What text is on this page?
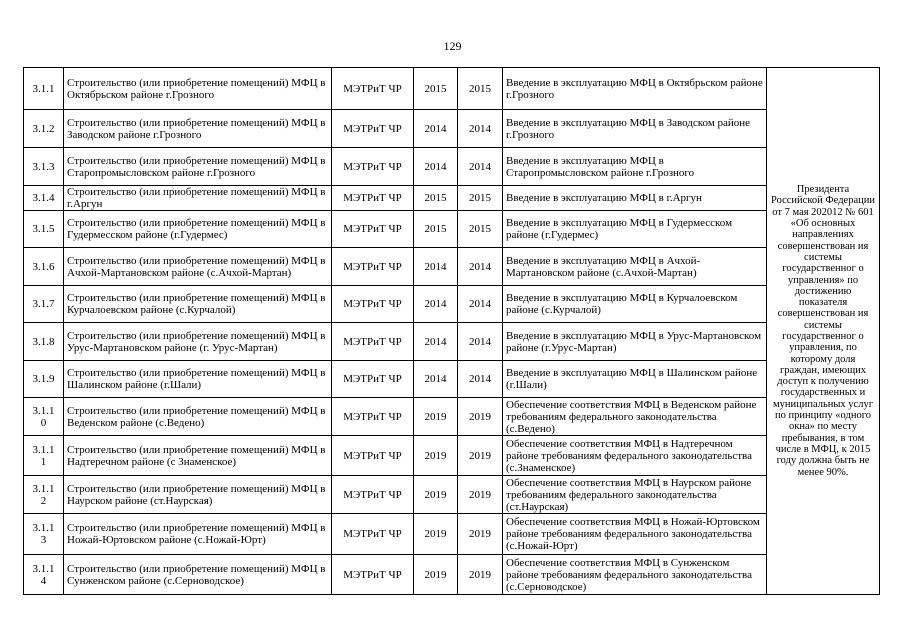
129
3.1.1	Строительство (или приобретение помещений) МФЦ в Октябрьском районе г.Грозного	МЭТРиТ ЧР	2015	2015	Введение в эксплуатацию МФЦ в Октябрьском районе г.Грозного	Президента Российской Федерации от 7 мая 202012 № 601 «Об основных направлениях совершенствован ия системы государственног о управления» по достижению показателя совершенствован ия системы государственног о управления, по которому доля граждан, имеющих доступ к получению государственных и муниципальных услуг по принципу «одного окна» по месту пребывания, в том числе в МФЦ, к 2015 году должна быть не менее 90%.
3.1.2	Строительство (или приобретение помещений) МФЦ в Заводском районе г.Грозного	МЭТРиТ ЧР	2014	2014	Введение в эксплуатацию МФЦ в Заводском районе г.Грозного	
3.1.3	Строительство (или приобретение помещений) МФЦ в Старопромысловском районе г.Грозного	МЭТРиТ ЧР	2014	2014	Введение в эксплуатацию МФЦ в Старопромысловском районе г.Грозного	
3.1.4	Строительство (или приобретение помещений) МФЦ в г.Аргун	МЭТРиТ ЧР	2015	2015	Введение в эксплуатацию МФЦ в г.Аргун	
3.1.5	Строительство (или приобретение помещений) МФЦ в Гудермесском районе (г.Гудермес)	МЭТРиТ ЧР	2015	2015	Введение в эксплуатацию МФЦ в Гудермесском районе (г.Гудермес)	
3.1.6	Строительство (или приобретение помещений) МФЦ в Ачхой-Мартановском районе (с.Ачхой-Мартан)	МЭТРиТ ЧР	2014	2014	Введение в эксплуатацию МФЦ в Ачхой-Мартановском районе (с.Ачхой-Мартан)	
3.1.7	Строительство (или приобретение помещений) МФЦ в Курчалоевском районе (с.Курчалой)	МЭТРиТ ЧР	2014	2014	Введение в эксплуатацию МФЦ в Курчалоевском районе (с.Курчалой)	
3.1.8	Строительство (или приобретение помещений) МФЦ в Урус-Мартановском районе (г. Урус-Мартан)	МЭТРиТ ЧР	2014	2014	Введение в эксплуатацию МФЦ в Урус-Мартановском районе (г.Урус-Мартан)	
3.1.9	Строительство (или приобретение помещений) МФЦ в Шалинском районе (г.Шали)	МЭТРиТ ЧР	2014	2014	Введение в эксплуатацию МФЦ в Шалинском районе (г.Шали)	
3.1.10	Строительство (или приобретение помещений) МФЦ в Веденском районе (с.Ведено)	МЭТРиТ ЧР	2019	2019	Обеспечение соответствия МФЦ в Веденском районе требованиям федерального законодательства (с.Ведено)	
3.1.11	Строительство (или приобретение помещений) МФЦ в Надтеречном районе (с Знаменское)	МЭТРиТ ЧР	2019	2019	Обеспечение соответствия МФЦ в Надтеречном районе требованиям федерального законодательства (с.Знаменское)	
3.1.12	Строительство (или приобретение помещений) МФЦ в Наурском районе (ст.Наурская)	МЭТРиТ ЧР	2019	2019	Обеспечение соответствия МФЦ в Наурском районе требованиям федерального законодательства (ст.Наурская)	
3.1.13	Строительство (или приобретение помещений) МФЦ в Ножай-Юртовском районе (с.Ножай-Юрт)	МЭТРиТ ЧР	2019	2019	Обеспечение соответствия МФЦ в Ножай-Юртовском районе требованиям федерального законодательства (с.Ножай-Юрт)	
3.1.14	Строительство (или приобретение помещений) МФЦ в Сунженском районе (с.Серноводское)	МЭТРиТ ЧР	2019	2019	Обеспечение соответствия МФЦ в Сунженском районе требованиям федерального законодательства (с.Серноводское)	
